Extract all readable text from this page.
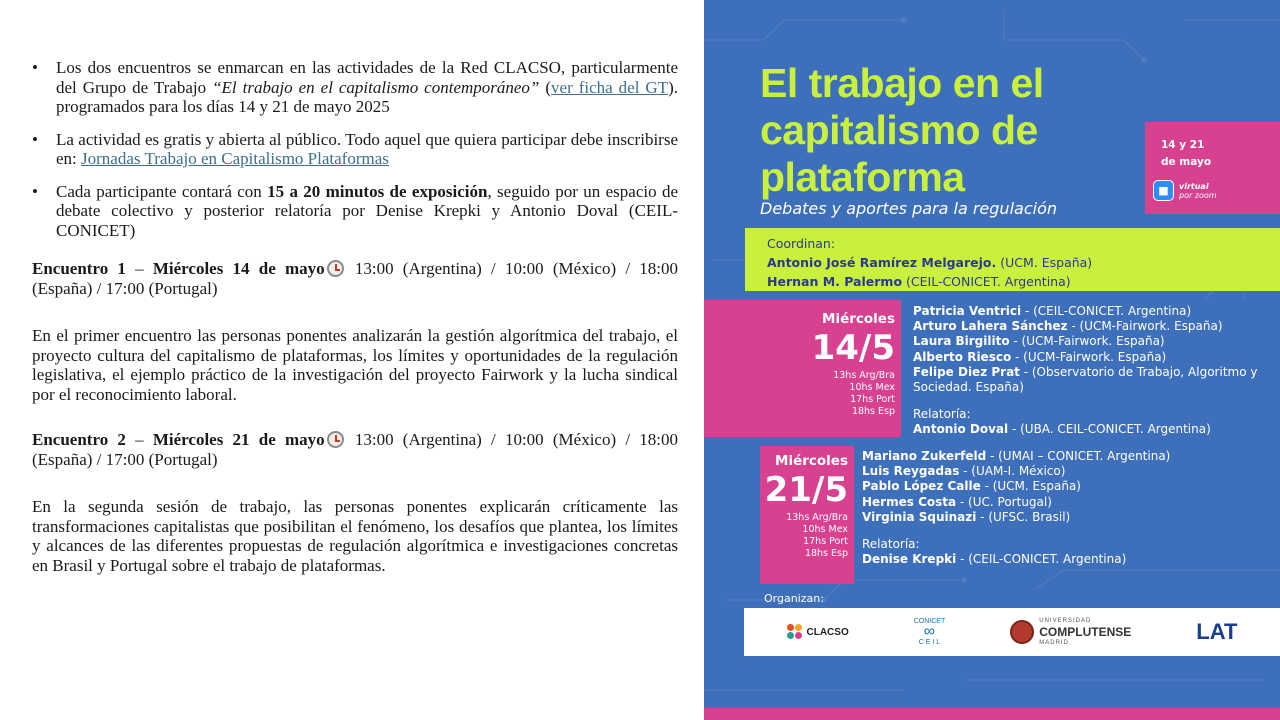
• Los dos encuentros se enmarcan en las actividades de la Red CLACSO, particularmente del Grupo de Trabajo “El trabajo en el capitalismo contemporáneo” (ver ficha del GT). programados para los días 14 y 21 de mayo 2025
• La actividad es gratis y abierta al público. Todo aquel que quiera participar debe inscribirse en: Jornadas Trabajo en Capitalismo Plataformas
• Cada participante contará con 15 a 20 minutos de exposición, seguido por un espacio de debate colectivo y posterior relatoría por Denise Krepki y Antonio Doval (CEIL-CONICET)
Encuentro 1 – Miércoles 14 de mayo 13:00 (Argentina) / 10:00 (México) / 18:00 (España) / 17:00 (Portugal)

En el primer encuentro las personas ponentes analizarán la gestión algorítmica del trabajo, el proyecto cultura del capitalismo de plataformas, los límites y oportunidades de la regulación legislativa, el ejemplo práctico de la investigación del proyecto Fairwork y la lucha sindical por el reconocimiento laboral.

Encuentro 2 – Miércoles 21 de mayo 13:00 (Argentina) / 10:00 (México) / 18:00 (España) / 17:00 (Portugal)

En la segunda sesión de trabajo, las personas ponentes explicarán críticamente las transformaciones capitalistas que posibilitan el fenómeno, los desafíos que plantea, los límites y alcances de las diferentes propuestas de regulación algorítmica e investigaciones concretas en Brasil y Portugal sobre el trabajo de plataformas.

El trabajo en el
capitalismo de
plataforma
Debates y aportes para la regulación
14 y 21
de mayo
■	virtual
por zoom
Coordinan:
Antonio José Ramírez Melgarejo. (UCM. España)
Hernan M. Palermo (CEIL-CONICET. Argentina)
Miércoles
14/5
13hs Arg/Bra
10hs Mex
17hs Port
18hs Esp
Patricia Ventrici - (CEIL-CONICET. Argentina)
Arturo Lahera Sánchez - (UCM-Fairwork. España)
Laura Birgilito - (UCM-Fairwork. España)
Alberto Riesco - (UCM-Fairwork. España)
Felipe Diez Prat - (Observatorio de Trabajo, Algoritmo y Sociedad. España)
Relatoría:
Antonio Doval - (UBA. CEIL-CONICET. Argentina)
Miércoles
21/5
13hs Arg/Bra
10hs Mex
17hs Port
18hs Esp
Mariano Zukerfeld - (UMAI – CONICET. Argentina)
Luis Reygadas - (UAM-I. México)
Pablo López Calle - (UCM. España)
Hermes Costa - (UC. Portugal)
Virginia Squinazi - (UFSC. Brasil)
Relatoría:
Denise Krepki - (CEIL-CONICET. Argentina)
Organizan:
CLACSO
CONICET
∞
C E I L
UNIVERSIDAD
COMPLUTENSE
MADRID	LAT
